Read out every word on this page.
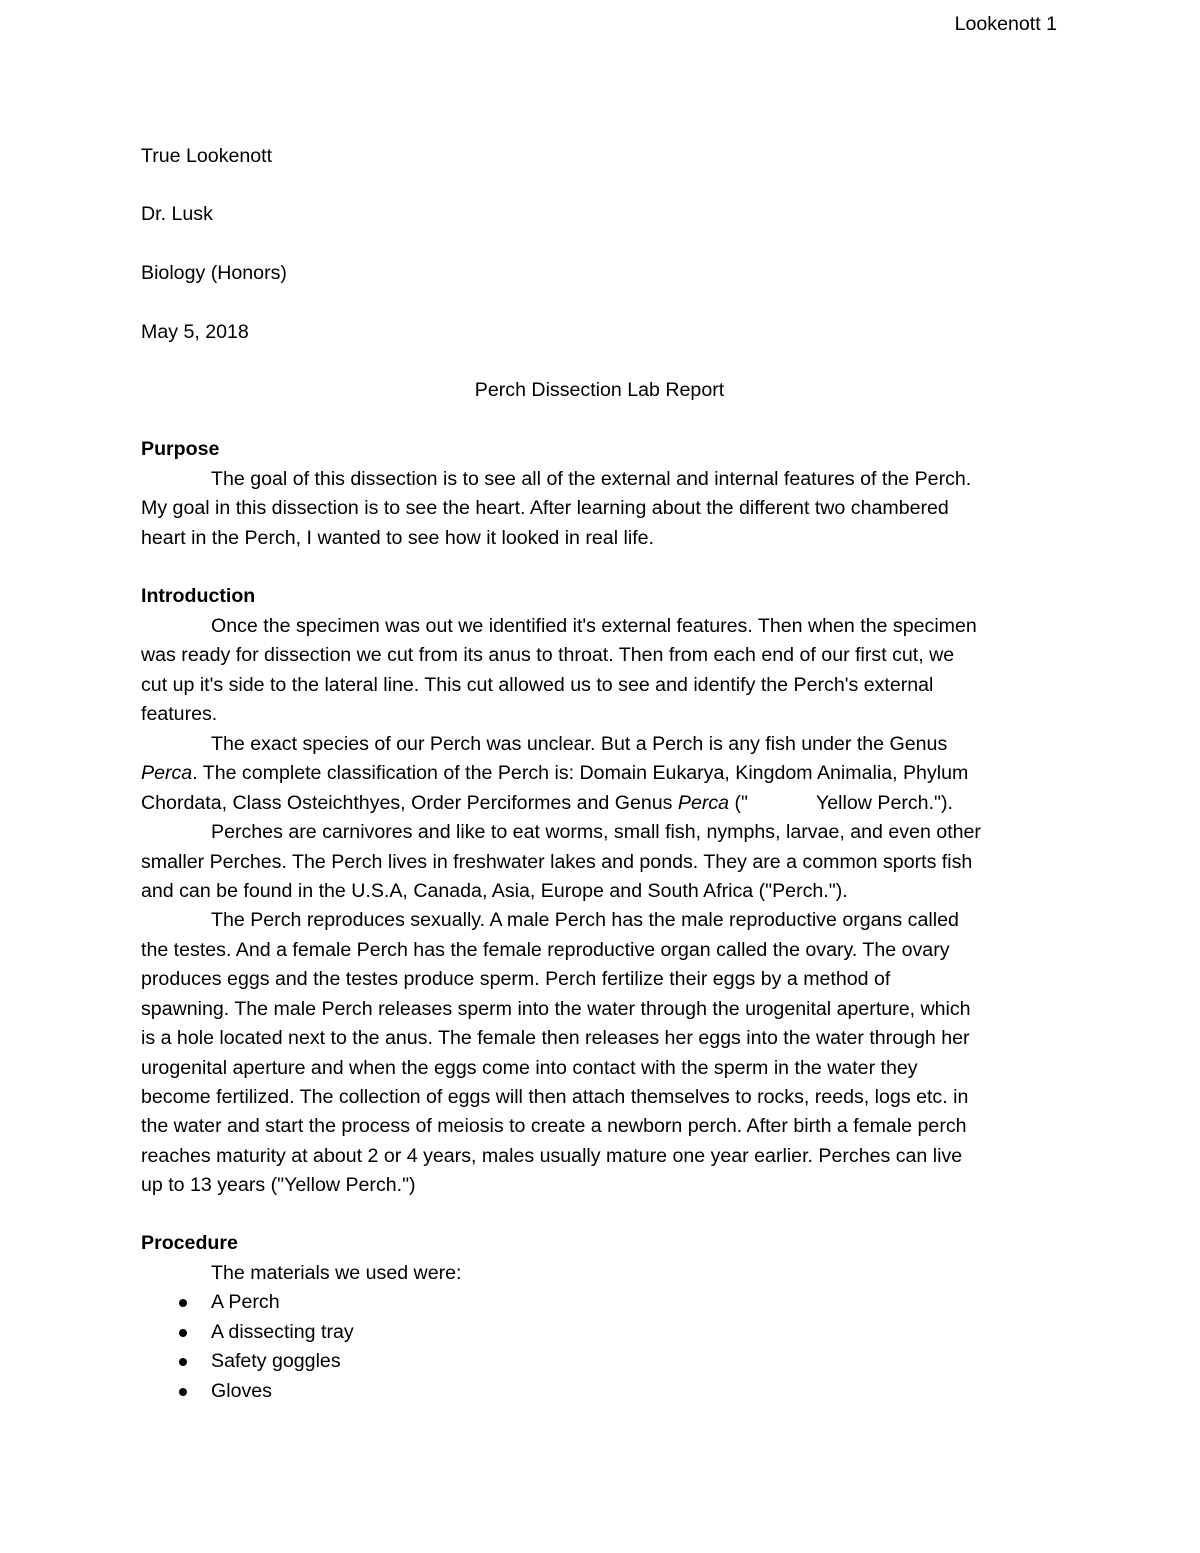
Lookenott 1
True Lookenott
Dr. Lusk
Biology (Honors)
May 5, 2018
Perch Dissection Lab Report
Purpose
The goal of this dissection is to see all of the external and internal features of the Perch.
My goal in this dissection is to see the heart. After learning about the different two chambered
heart in the Perch, I wanted to see how it looked in real life.
Introduction
Once the specimen was out we identified it's external features. Then when the specimen
was ready for dissection we cut from its anus to throat. Then from each end of our first cut, we
cut up it's side to the lateral line. This cut allowed us to see and identify the Perch's external
features.
The exact species of our Perch was unclear. But a Perch is any fish under the Genus
Perca. The complete classification of the Perch is: Domain Eukarya, Kingdom Animalia, Phylum
Chordata, Class Osteichthyes, Order Perciformes and Genus Perca ("	Yellow Perch.").
Perches are carnivores and like to eat worms, small fish, nymphs, larvae, and even other
smaller Perches. The Perch lives in freshwater lakes and ponds. They are a common sports fish
and can be found in the U.S.A, Canada, Asia, Europe and South Africa ("Perch.").
The Perch reproduces sexually. A male Perch has the male reproductive organs called
the testes. And a female Perch has the female reproductive organ called the ovary. The ovary
produces eggs and the testes produce sperm. Perch fertilize their eggs by a method of
spawning. The male Perch releases sperm into the water through the urogenital aperture, which
is a hole located next to the anus. The female then releases her eggs into the water through her
urogenital aperture and when the eggs come into contact with the sperm in the water they
become fertilized. The collection of eggs will then attach themselves to rocks, reeds, logs etc. in
the water and start the process of meiosis to create a newborn perch. After birth a female perch
reaches maturity at about 2 or 4 years, males usually mature one year earlier. Perches can live
up to 13 years ("Yellow Perch.")
Procedure
The materials we used were:
A Perch
A dissecting tray
Safety goggles
Gloves
